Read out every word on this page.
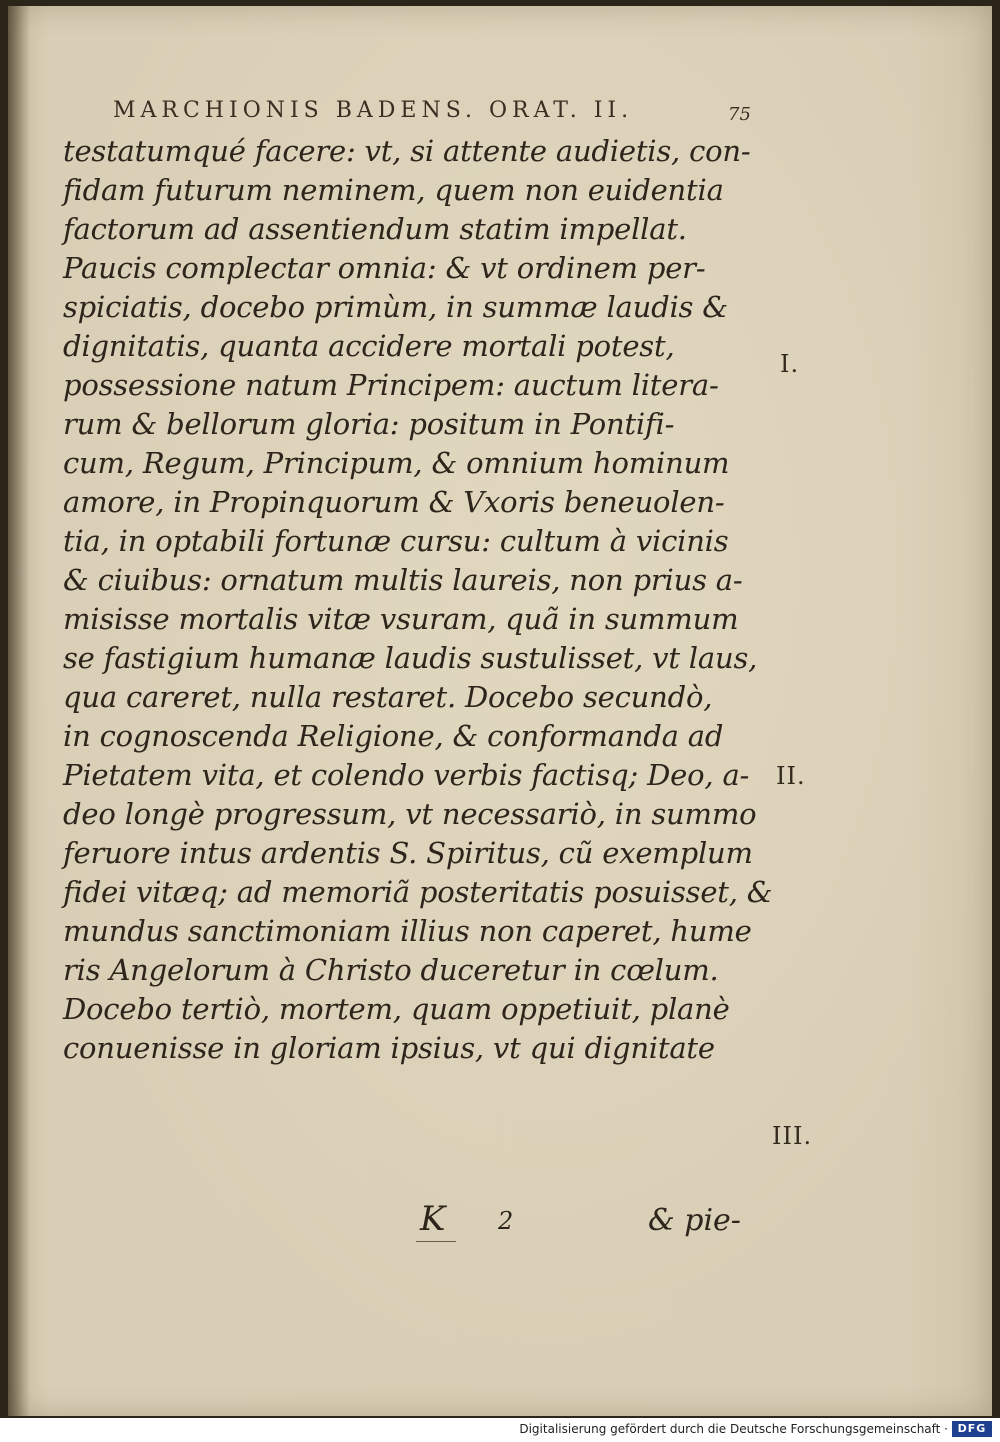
MARCHIONIS BADENS. ORAT. II.	75
testatumqué facere: vt, si attente audietis, con-
fidam futurum neminem, quem non euidentia
factorum ad assentiendum statim impellat.
Paucis complectar omnia: & vt ordinem per-
spiciatis, docebo primùm, in summæ laudis &
dignitatis, quanta accidere mortali potest,
possessione natum Principem: auctum litera-
rum & bellorum gloria: positum in Pontifi-
cum, Regum, Principum, & omnium hominum
amore, in Propinquorum & Vxoris beneuolen-
tia, in optabili fortunæ cursu: cultum à vicinis
& ciuibus: ornatum multis laureis, non prius a-
misisse mortalis vitæ vsuram, quã in summum
se fastigium humanæ laudis sustulisset, vt laus,
qua careret, nulla restaret. Docebo secundò,
in cognoscenda Religione, & conformanda ad
Pietatem vita, et colendo verbis factisq; Deo, a-
deo longè progressum, vt necessariò, in summo
feruore intus ardentis S. Spiritus, cũ exemplum
fidei vitæq; ad memoriã posteritatis posuisset, &
mundus sanctimoniam illius non caperet, hume
ris Angelorum à Christo duceretur in cœlum.
Docebo tertiò, mortem, quam oppetiuit, planè
conuenisse in gloriam ipsius, vt qui dignitate
I.
II.
III.
K 2	& pie-
Digitalisierung gefördert durch die Deutsche Forschungsgemeinschaft · DFG
